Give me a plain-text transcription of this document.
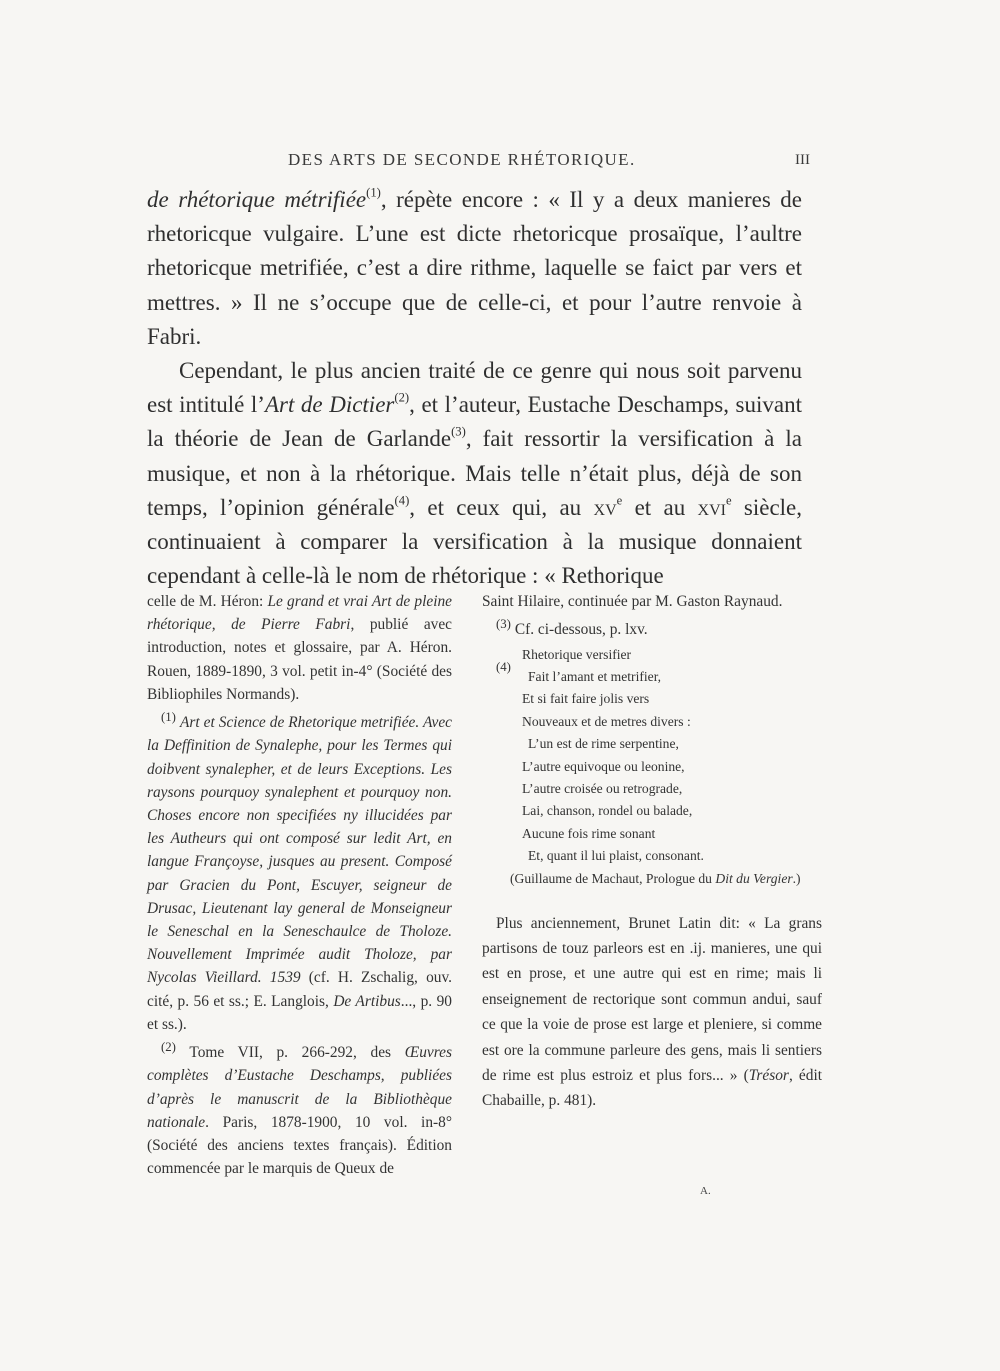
DES ARTS DE SECONDE RHÉTORIQUE.	III

de rhétorique métrifiée$^{(1)}$, répète encore : « Il y a deux manieres de rhetoricque vulgaire. L’une est dicte rhetoricque prosaïque, l’aultre rhetoricque metrifiée, c’est a dire rithme, laquelle se faict par vers et mettres. » Il ne s’occupe que de celle-ci, et pour l’autre renvoie à Fabri.

Cependant, le plus ancien traité de ce genre qui nous soit parvenu est intitulé l’Art de Dictier$^{(2)}$, et l’auteur, Eustache Deschamps, suivant la théorie de Jean de Garlande$^{(3)}$, fait ressortir la versification à la musique, et non à la rhétorique. Mais telle n’était plus, déjà de son temps, l’opinion générale$^{(4)}$, et ceux qui, au $xv^e$ et au xvi$^e$ siècle, continuaient à comparer la versification à la musique donnaient cependant à celle-là le nom de rhétorique : « Rethorique

celle de M. Héron: Le grand et vrai Art de pleine rhétorique, de Pierre Fabri, publié avec introduction, notes et glossaire, par A. Héron. Rouen, 1889-1890, 3 vol. petit in-4° (Société des Bibliophiles Normands).

$^{(1)}$ Art et Science de Rhetorique metrifiée. Avec la Deffinition de Synalephe, pour les Termes qui doibvent synalepher, et de leurs Exceptions. Les raysons pourquoy synalephent et pourquoy non. Choses encore non specifiées ny illucidées par les Autheurs qui ont composé sur ledit Art, en langue Françoyse, jusques au present. Composé par Gracien du Pont, Escuyer, seigneur de Drusac, Lieutenant lay general de Monseigneur le Seneschal en la Seneschaulce de Tholoze. Nouvellement Imprimée audit Tholoze, par Nycolas Vieillard. 1539 (cf. H. Zschalig, ouv. cité, p. 56 et ss.; E. Langlois, De Artibus..., p. 90 et ss.).

$^{(2)}$ Tome VII, p. 266-292, des Œuvres complètes d’Eustache Deschamps, publiées d’après le manuscrit de la Bibliothèque nationale. Paris, 1878-1900, 10 vol. in-8° (Société des anciens textes français). Édition commencée par le marquis de Queux de

Saint Hilaire, continuée par M. Gaston Raynaud.

$^{(3)}$ Cf. ci-dessous, p. lxv.

(4)
Rhetorique versifier
Fait l’amant et metrifier,
Et si fait faire jolis vers
Nouveaux et de metres divers :
L’un est de rime serpentine,
L’autre equivoque ou leonine,
L’autre croisée ou retrograde,
Lai, chanson, rondel ou balade,
Aucune fois rime sonant
Et, quant il lui plaist, consonant.

(Guillaume de Machaut, Prologue du Dit du Vergier.)

Plus anciennement, Brunet Latin dit: « La grans partisons de touz parleors est en .ij. manieres, une qui est en prose, et une autre qui est en rime; mais li enseignement de rectorique sont commun andui, sauf ce que la voie de prose est large et pleniere, si comme est ore la commune parleure des gens, mais li sentiers de rime est plus estroiz et plus fors... » (Trésor, édit Chabaille, p. 481).

A.
